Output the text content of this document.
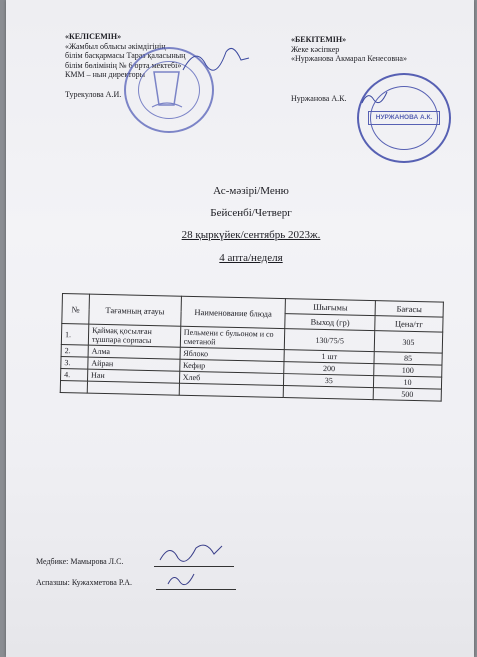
«КЕЛІСЕМІН»
«Жамбыл облысы әкімдігінің
білім басқармасы Тараз қаласының
білім бөлімінің № 6 орта мектебі»
КММ – нын директоры
Турекулова А.И.
«БЕКІТЕМІН»
Жеке кәсіпкер
«Нуржанова Акмарал Кенесовна»
Нуржанова А.К.
НУРЖАНОВА А.К.
Ас-мәзірі/Меню
Бейсенбі/Четверг
28 қыркүйек/сентябрь 2023ж.
4 апта/неделя
№	Тағамның атауы	Наименование блюда	Шығымы	Бағасы
			Выход (гр)	Цена/тг
1.	Қаймақ қосылған тұшпара сорпасы	Пельмени с бульоном и со сметаной	130/75/5	305
2.	Алма	Яблоко	1 шт	85
3.	Айран	Кефир	200	100
4.	Нан	Хлеб	35	10
				500
Медбике: Мамырова Л.С.
Аспазшы: Кужахметова Р.А.
